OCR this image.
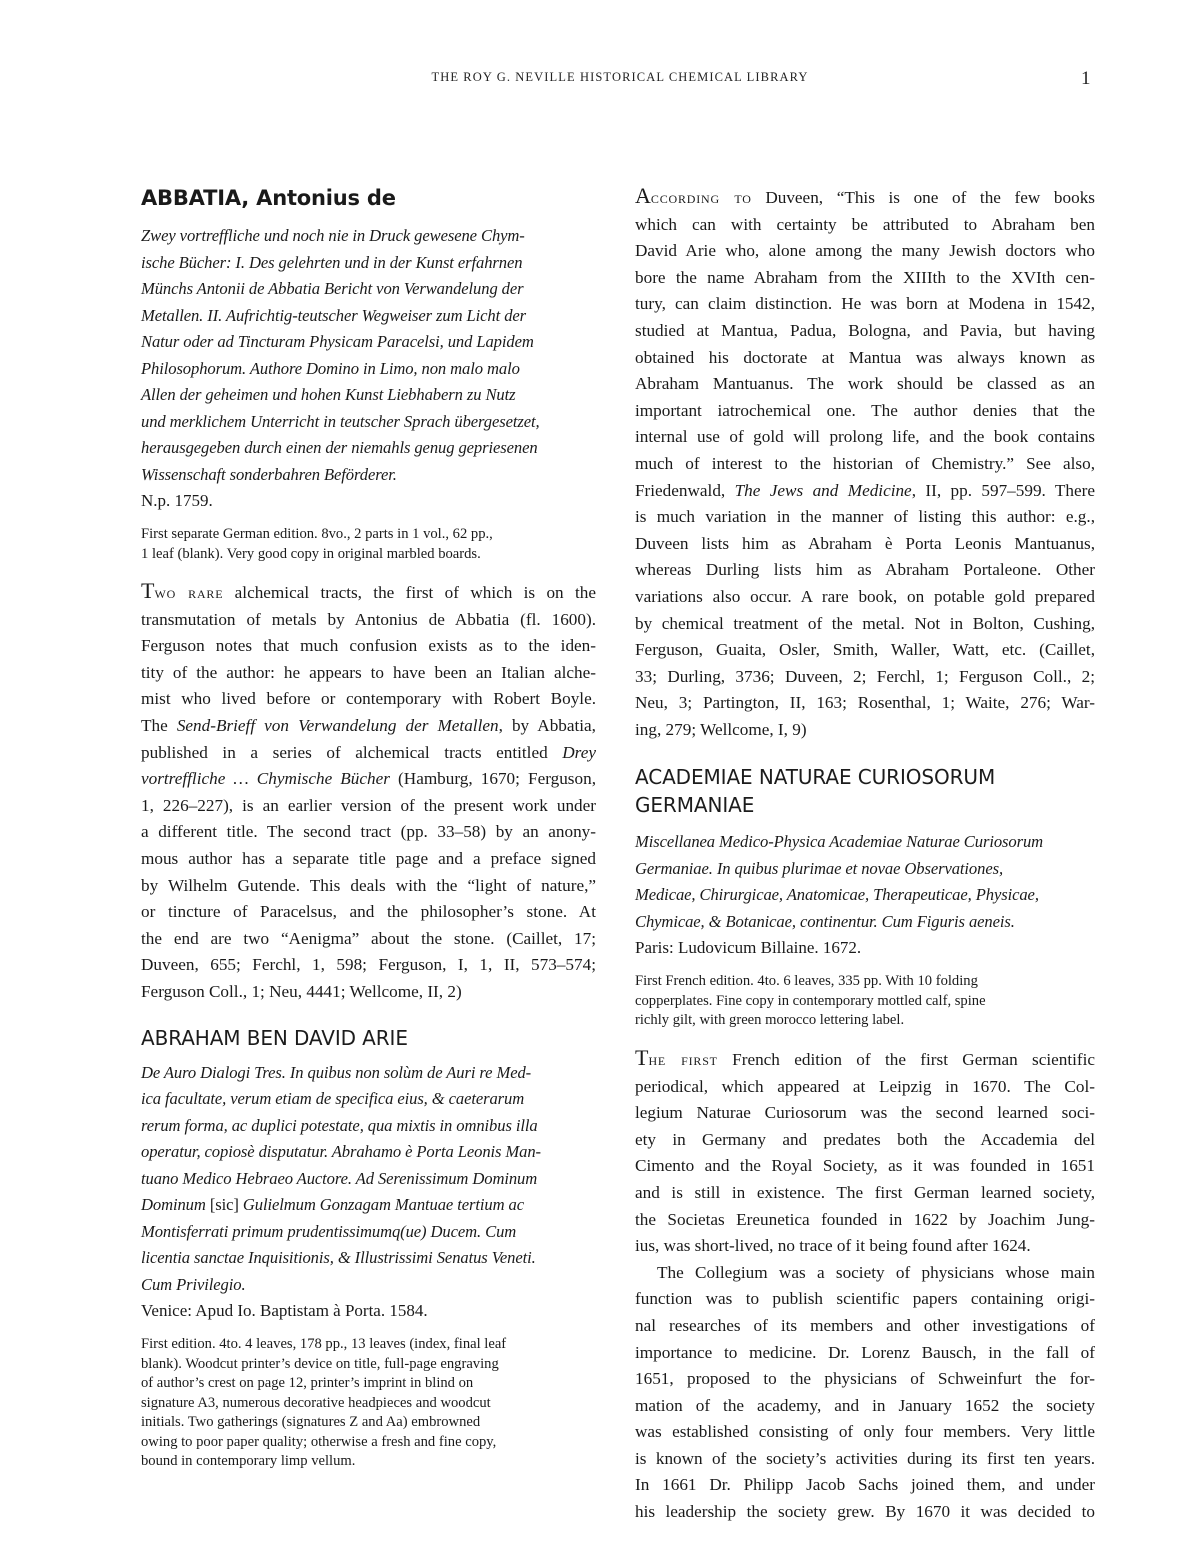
THE ROY G. NEVILLE HISTORICAL CHEMICAL LIBRARY	1
ABBATIA, Antonius de
Zwey vortreffliche und noch nie in Druck gewesene Chym-
ische Bücher: I. Des gelehrten und in der Kunst erfahrnen
Münchs Antonii de Abbatia Bericht von Verwandelung der
Metallen. II. Aufrichtig-teutscher Wegweiser zum Licht der
Natur oder ad Tincturam Physicam Paracelsi, und Lapidem
Philosophorum. Authore Domino in Limo, non malo malo
Allen der geheimen und hohen Kunst Liebhabern zu Nutz
und merklichem Unterricht in teutscher Sprach übergesetzet,
herausgegeben durch einen der niemahls genug gepriesenen
Wissenschaft sonderbahren Beförderer.
N.p. 1759.
First separate German edition. 8vo., 2 parts in 1 vol., 62 pp.,
1 leaf (blank). Very good copy in original marbled boards.
Two rare alchemical tracts, the first of which is on the
transmutation of metals by Antonius de Abbatia (fl. 1600).
Ferguson notes that much confusion exists as to the iden-
tity of the author: he appears to have been an Italian alche-
mist who lived before or contemporary with Robert Boyle.
The Send-Brieff von Verwandelung der Metallen, by Abbatia,
published in a series of alchemical tracts entitled Drey
vortreffliche … Chymische Bücher (Hamburg, 1670; Ferguson,
1, 226–227), is an earlier version of the present work under
a different title. The second tract (pp. 33–58) by an anony-
mous author has a separate title page and a preface signed
by Wilhelm Gutende. This deals with the “light of nature,”
or tincture of Paracelsus, and the philosopher’s stone. At
the end are two “Aenigma” about the stone. (Caillet, 17;
Duveen, 655; Ferchl, 1, 598; Ferguson, I, 1, II, 573–574;
Ferguson Coll., 1; Neu, 4441; Wellcome, II, 2)
ABRAHAM BEN DAVID ARIE
De Auro Dialogi Tres. In quibus non solùm de Auri re Med-
ica facultate, verum etiam de specifica eius, & caeterarum
rerum forma, ac duplici potestate, qua mixtis in omnibus illa
operatur, copiosè disputatur. Abrahamo è Porta Leonis Man-
tuano Medico Hebraeo Auctore. Ad Serenissimum Dominum
Dominum [sic] Gulielmum Gonzagam Mantuae tertium ac
Montisferrati primum prudentissimumq(ue) Ducem. Cum
licentia sanctae Inquisitionis, & Illustrissimi Senatus Veneti.
Cum Privilegio.
Venice: Apud Io. Baptistam à Porta. 1584.
First edition. 4to. 4 leaves, 178 pp., 13 leaves (index, final leaf
blank). Woodcut printer’s device on title, full-page engraving
of author’s crest on page 12, printer’s imprint in blind on
signature A3, numerous decorative headpieces and woodcut
initials. Two gatherings (signatures Z and Aa) embrowned
owing to poor paper quality; otherwise a fresh and fine copy,
bound in contemporary limp vellum.
According to Duveen, “This is one of the few books
which can with certainty be attributed to Abraham ben
David Arie who, alone among the many Jewish doctors who
bore the name Abraham from the XIIIth to the XVIth cen-
tury, can claim distinction. He was born at Modena in 1542,
studied at Mantua, Padua, Bologna, and Pavia, but having
obtained his doctorate at Mantua was always known as
Abraham Mantuanus. The work should be classed as an
important iatrochemical one. The author denies that the
internal use of gold will prolong life, and the book contains
much of interest to the historian of Chemistry.” See also,
Friedenwald, The Jews and Medicine, II, pp. 597–599. There
is much variation in the manner of listing this author: e.g.,
Duveen lists him as Abraham è Porta Leonis Mantuanus,
whereas Durling lists him as Abraham Portaleone. Other
variations also occur. A rare book, on potable gold prepared
by chemical treatment of the metal. Not in Bolton, Cushing,
Ferguson, Guaita, Osler, Smith, Waller, Watt, etc. (Caillet,
33; Durling, 3736; Duveen, 2; Ferchl, 1; Ferguson Coll., 2;
Neu, 3; Partington, II, 163; Rosenthal, 1; Waite, 276; War-
ing, 279; Wellcome, I, 9)
ACADEMIAE NATURAE CURIOSORUM
GERMANIAE
Miscellanea Medico-Physica Academiae Naturae Curiosorum
Germaniae. In quibus plurimae et novae Observationes,
Medicae, Chirurgicae, Anatomicae, Therapeuticae, Physicae,
Chymicae, & Botanicae, continentur. Cum Figuris aeneis.
Paris: Ludovicum Billaine. 1672.
First French edition. 4to. 6 leaves, 335 pp. With 10 folding
copperplates. Fine copy in contemporary mottled calf, spine
richly gilt, with green morocco lettering label.
The first French edition of the first German scientific
periodical, which appeared at Leipzig in 1670. The Col-
legium Naturae Curiosorum was the second learned soci-
ety in Germany and predates both the Accademia del
Cimento and the Royal Society, as it was founded in 1651
and is still in existence. The first German learned society,
the Societas Ereunetica founded in 1622 by Joachim Jung-
ius, was short-lived, no trace of it being found after 1624.
The Collegium was a society of physicians whose main
function was to publish scientific papers containing origi-
nal researches of its members and other investigations of
importance to medicine. Dr. Lorenz Bausch, in the fall of
1651, proposed to the physicians of Schweinfurt the for-
mation of the academy, and in January 1652 the society
was established consisting of only four members. Very little
is known of the society’s activities during its first ten years.
In 1661 Dr. Philipp Jacob Sachs joined them, and under
his leadership the society grew. By 1670 it was decided to
